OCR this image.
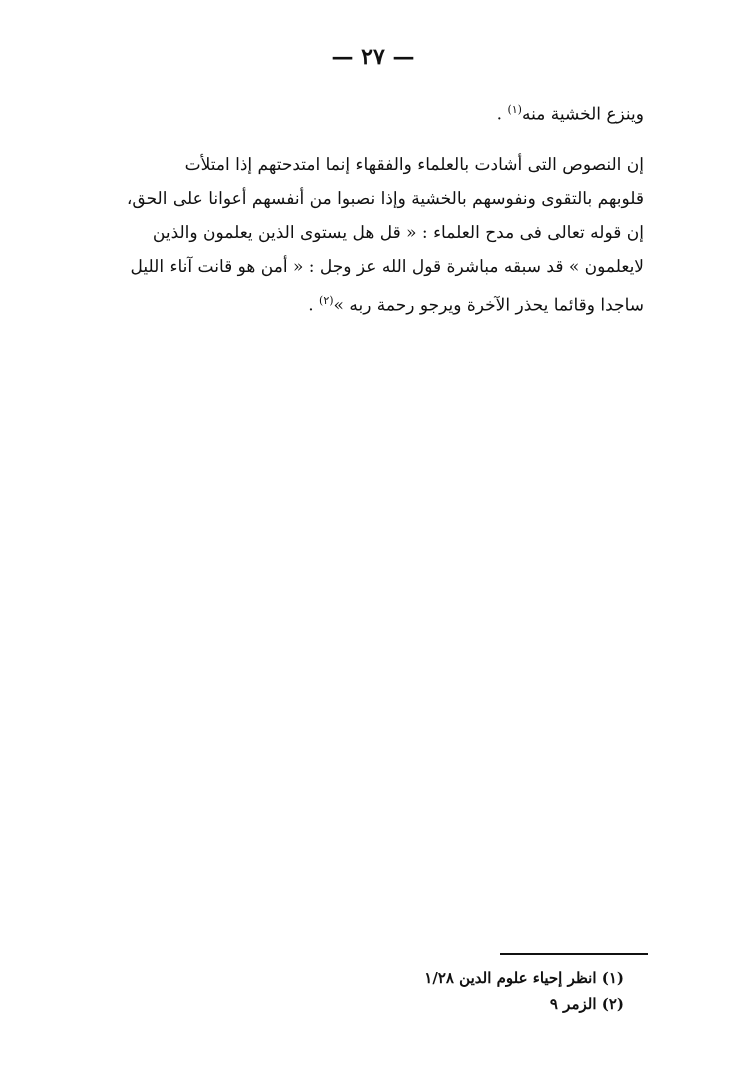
— ٢٧ —

وينزع الخشية منه$^{(١)}$ .

إن النصوص التى أشادت بالعلماء والفقهاء إنما امتدحتهم إذا امتلأت
قلوبهم بالتقوى ونفوسهم بالخشية وإذا نصبوا من أنفسهم أعوانا على الحق،
إن قوله تعالى فى مدح العلماء : « قل هل يستوى الذين يعلمون والذين
لايعلمون » قد سبقه مباشرة قول الله عز وجل : « أمن هو قانت آناء الليل
ساجدا وقائما يحذر الآخرة ويرجو رحمة ربه »$^{(٢)}$ .
(١) انظر إحياء علوم الدين ١/٢٨
(٢) الزمر ٩
